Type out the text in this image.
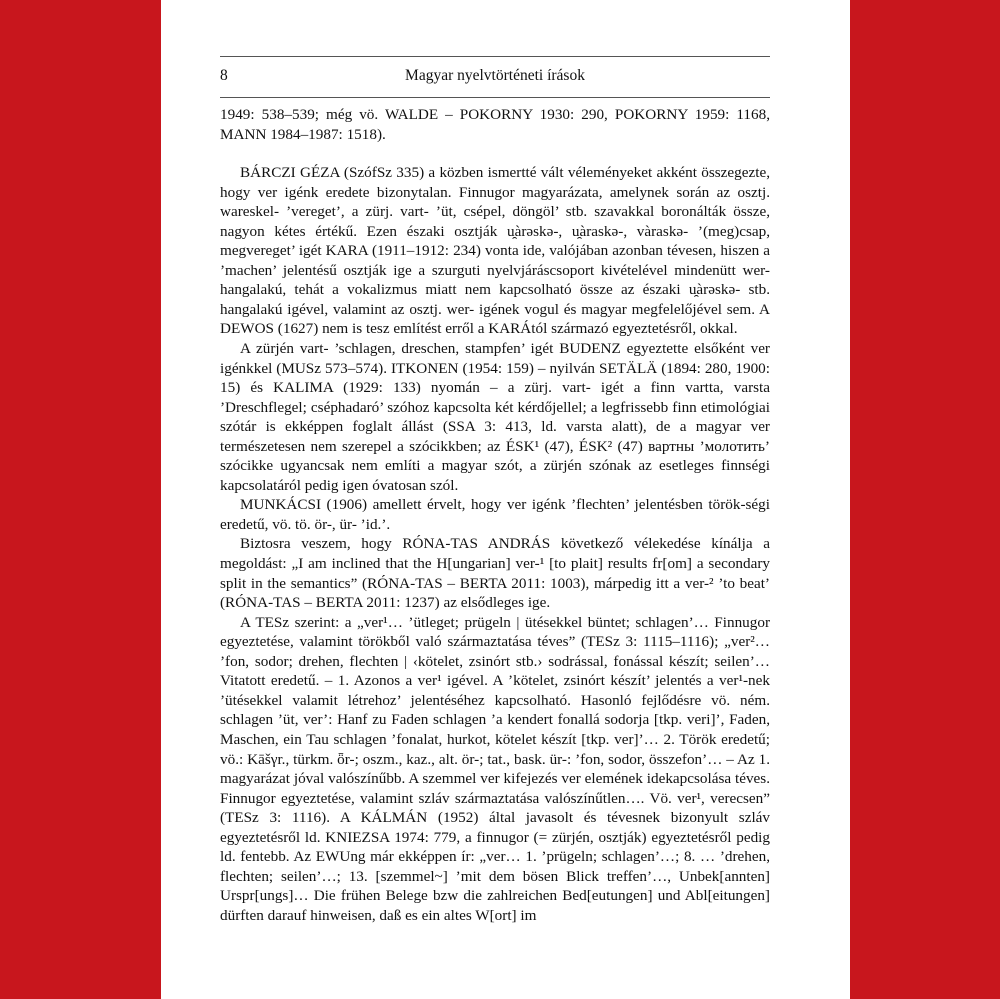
8	Magyar nyelvtörténeti írások

1949: 538–539; még vö. WALDE – POKORNY 1930: 290, POKORNY 1959: 1168, MANN 1984–1987: 1518).

BÁRCZI GÉZA (SzófSz 335) a közben ismertté vált véleményeket akként összegezte, hogy ver igénk eredete bizonytalan. Finnugor magyarázata, amelynek során az osztj. wareskel- ’vereget’, a zürj. vart- ’üt, csépel, döngöl’ stb. szavakkal boronálták össze, nagyon kétes értékű. Ezen északi osztják u̯àrəskə-, u̯àraskə-, vàraskə- ’(meg)csap, megvereget’ igét KARA (1911–1912: 234) vonta ide, valójában azonban tévesen, hiszen a ’machen’ jelentésű osztják ige a szurguti nyelvjáráscsoport kivételével mindenütt wer- hangalakú, tehát a vokalizmus miatt nem kapcsolható össze az északi u̯àrəskə- stb. hangalakú igével, valamint az osztj. wer- igének vogul és magyar megfelelőjével sem. A DEWOS (1627) nem is tesz említést erről a KARÁtól származó egyeztetésről, okkal.

A zürjén vart- ’schlagen, dreschen, stampfen’ igét BUDENZ egyeztette elsőként ver igénkkel (MUSz 573–574). ITKONEN (1954: 159) – nyilván SETÄLÄ (1894: 280, 1900: 15) és KALIMA (1929: 133) nyomán – a zürj. vart- igét a finn vartta, varsta ’Dreschflegel; cséphadaró’ szóhoz kapcsolta két kérdőjellel; a legfrissebb finn etimológiai szótár is ekképpen foglalt állást (SSA 3: 413, ld. varsta alatt), de a magyar ver természetesen nem szerepel a szócikkben; az ÉSK¹ (47), ÉSK² (47) вартны ’молотить’ szócikke ugyancsak nem említi a magyar szót, a zürjén szónak az esetleges finnségi kapcsolatáról pedig igen óvatosan szól.

MUNKÁCSI (1906) amellett érvelt, hogy ver igénk ’flechten’ jelentésben török-ségi eredetű, vö. tö. ör-, ür- ’id.’.

Biztosra veszem, hogy RÓNA-TAS ANDRÁS következő vélekedése kínálja a megoldást: „I am inclined that the H[ungarian] ver-¹ [to plait] results fr[om] a secondary split in the semantics” (RÓNA-TAS – BERTA 2011: 1003), márpedig itt a ver-² ’to beat’ (RÓNA-TAS – BERTA 2011: 1237) az elsődleges ige.

A TESz szerint: a „ver¹… ’ütleget; prügeln | ütésekkel büntet; schlagen’… Finnugor egyeztetése, valamint törökből való származtatása téves” (TESz 3: 1115–1116); „ver²… ’fon, sodor; drehen, flechten | ‹kötelet, zsinórt stb.› sodrással, fonással készít; seilen’… Vitatott eredetű. – 1. Azonos a ver¹ igével. A ’kötelet, zsinórt készít’ jelentés a ver¹-nek ’ütésekkel valamit létrehoz’ jelentéséhez kapcsolható. Hasonló fejlődésre vö. ném. schlagen ’üt, ver’: Hanf zu Faden schlagen ’a kendert fonallá sodorja [tkp. veri]’, Faden, Maschen, ein Tau schlagen ’fonalat, hurkot, kötelet készít [tkp. ver]’… 2. Török eredetű; vö.: Kāšγr., türkm. ȫr-; oszm., kaz., alt. ör-; tat., bask. ür-: ’fon, sodor, összefon’… – Az 1. magyarázat jóval valószínűbb. A szemmel ver kifejezés ver elemének idekapcsolása téves. Finnugor egyeztetése, valamint szláv származtatása valószínűtlen…. Vö. ver¹, verecsen” (TESz 3: 1116). A KÁLMÁN (1952) által javasolt és tévesnek bizonyult szláv egyeztetésről ld. KNIEZSA 1974: 779, a finnugor (= zürjén, osztják) egyeztetésről pedig ld. fentebb. Az EWUng már ekképpen ír: „ver… 1. ’prügeln; schlagen’…; 8. … ’drehen, flechten; seilen’…; 13. [szemmel~] ’mit dem bösen Blick treffen’…, Unbek[annten] Urspr[ungs]… Die frühen Belege bzw die zahlreichen Bed[eutungen] und Abl[eitungen] dürften darauf hinweisen, daß es ein altes W[ort] im
